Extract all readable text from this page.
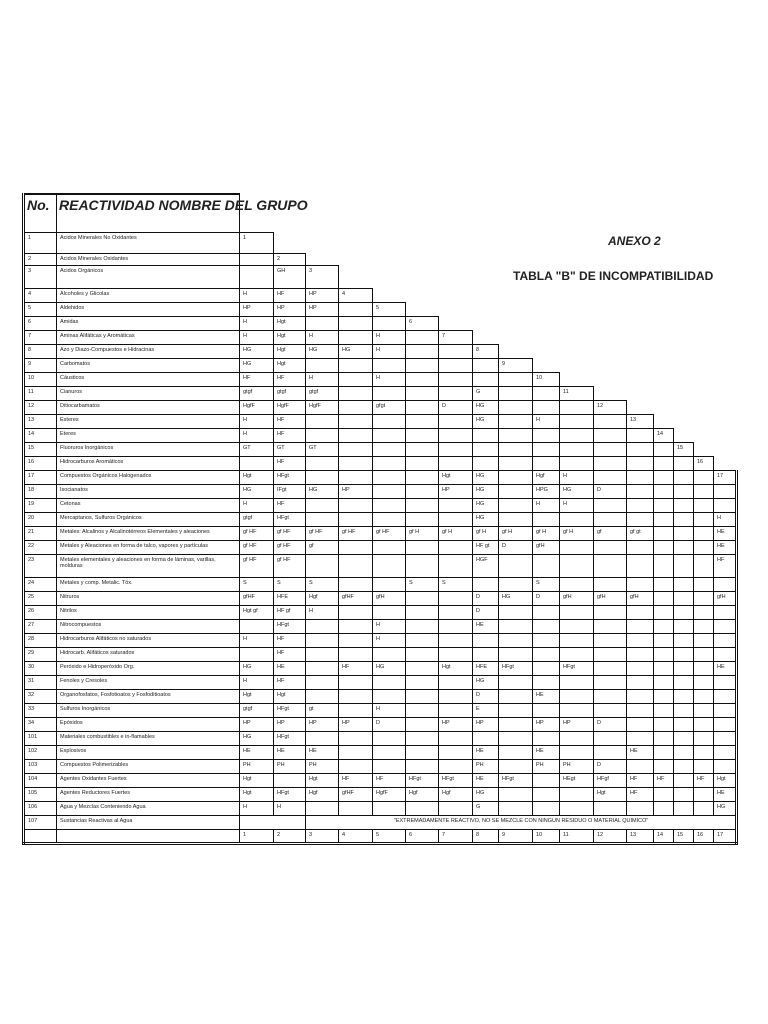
ANEXO 2
TABLA "B" DE INCOMPATIBILIDAD
No.	REACTIVIDAD NOMBRE DEL GRUPO																	
1	Acidos Minerales No Oxidantes	1																
2	Acidos Minerales Oxidantes		2															
3	Acidos Orgánicos		GH	3														
4	Alcoholes y Glicolas	H	HF	HP	4													
5	Aldehidos	HP	HP	HP		5												
6	Amidas	H	Hgt				6											
7	Aminas Alifáticas y Aromáticas	H	Hgt	H		H		7										
8	Azo y Diazo-Compuestos e Hidracinas	HG	Hgt	HG	HG	H			8									
9	Carbomatos	HG	Hgt							9								
10	Cáusticos	HF	HF	H		H					10							
11	Cianuros	gtgf	gtgf	gtgf					G			11						
12	Ditiocarbamatos	HgfF	HgfF	HgfF		gfgt		D	HG				12					
13	Esteres	H	HF						HG		H			13				
14	Eteres	H	HF												14			
15	Fluoruros Inorgánicos	GT	GT	GT												15		
16	Hidrocarburos Aromáticos		HF														16	
17	Compuestos Orgánicos Halogenados	Hgt	HFgt					Hgt	HG		Hgf	H						17
18	Isocianatos	HG	IFgt	HG	HP			HP	HG		HPG	HG	D					
19	Cetonas	H	HF						HG		H	H						
20	Mercaptanos, Sulfuros Orgánicos	gtgf	HFgt						HG									H
21	Metales: Alcalinos y Alcalinotérreos Elementales y aleaciones	gf HF	gf HF	gf HF	gf HF	gf HF	gf H	gf H	gf H	gf H	gf H	gf H	gf	gf gt				HE
22	Metales y Aleaciones en forma de talco, vapores y partículas	gf HF	gf HF	gf					HF gt	D	gfH							HE
23	Metales elementales y aleaciones en forma de láminas, varillas, molduras	gf HF	gf HF						HGF									HF
24	Metales y comp. Metalic. Tóx.	S	S	S			S	S			S							
25	Nitruros	gfHF	HFE	Hgf	gfHF	gfH			D	HG	D	gfH	gfH	gfH				gfH
26	Nitrilos	Hgt gf	HF gf	H					D									
27	Nitrocompuestos		HFgt			H			HE									
28	Hidrocarburos Alifáticos no saturados	H	HF			H												
29	Hidrocarb. Alifáticos saturados		HF															
30	Peróxido e Hidroperóxido Org.	HG	HE		HF	HG		Hgt	HFE	HFgt		HFgt						HE
31	Fenoles y Cresoles	H	HF						HG									
32	Organofosfatos, Fosfotioatos y Fosfoditioatos	Hgt	Hgt						D		HE							
33	Sulfuros Inorgánicos	gtgf	HFgt	gt		H			E									
34	Epóxidos	HP	HP	HP	HP	D		HP	HP		HP	HP	D					
101	Materiales combustibles e in-flamables	HG	HFgt															
102	Explosivos	HE	HE	HE					HE		HE			HE				
103	Compuestos Polimerizables	PH	PH	PH					PH		PH	PH	D					
104	Agentes Oxidantes Fuertes	Hgt		Hgt	HF	HF	HFgt	HFgt	HE	HFgt		HEgt	HFgf	HF	HF		HF	Hgt
105	Agentes Reductores Fuertes	Hgt	HFgt	Hgf	gfHF	HgfF	Hgf	Hgf	HG				Hgt	HF				HE
106	Agua y Mezclas Conteniendo Agua	H	H						G									HG
107	Sustancias Reactivas al Agua			"EXTREMADAMENTE REACTIVO, NO SE MEZCLE CON NINGUN RESIDUO O MATERIAL QUIMICO"														
		1	2	3	4	5	6	7	8	9	10	11	12	13	14	15	16	17
